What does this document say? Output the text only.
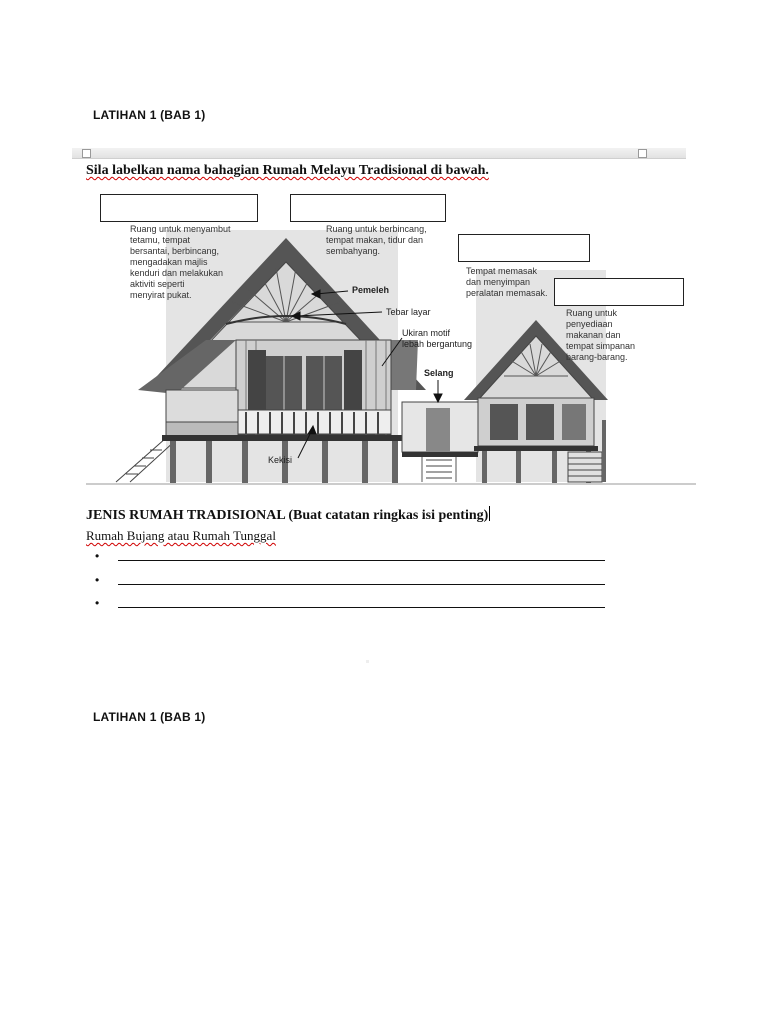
LATIHAN 1 (BAB 1)
Sila labelkan nama bahagian Rumah Melayu Tradisional di bawah.
Ruang untuk menyambut
tetamu, tempat
bersantai, berbincang,
mengadakan majlis
kenduri dan melakukan
aktiviti seperti
menyirat pukat.
Ruang untuk berbincang,
tempat makan, tidur dan
sembahyang.
Tempat memasak
dan menyimpan
peralatan memasak.
Ruang untuk
penyediaan
makanan dan
tempat simpanan
barang-barang.
Pemeleh
Tebar layar
Ukiran motif
lebah bergantung
Selang
Kekisi
JENIS RUMAH TRADISIONAL (Buat catatan ringkas isi penting)
Rumah Bujang atau Rumah Tunggal
•
•
•
LATIHAN 1 (BAB 1)
